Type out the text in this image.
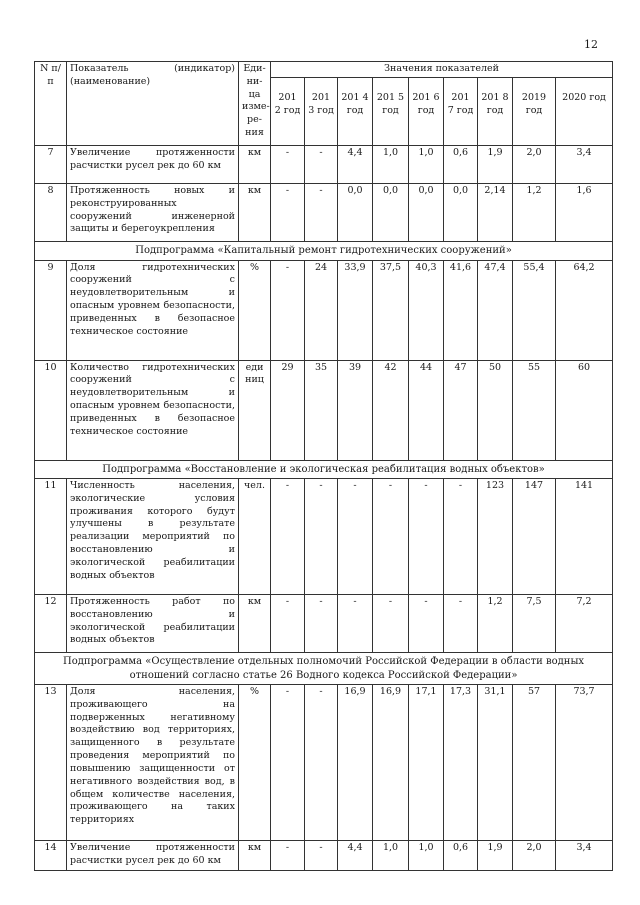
12
N п/п	Показатель (индикатор) (наименование)	Еди- ни- ца изме- ре- ния	Значения показателей								
			201 2 год	201 3 год	201 4 год	201 5 год	201 6 год	201 7 год	201 8 год	2019 год	2020 год
7	Увеличение протяженности расчистки русел рек до 60 км	км	-	-	4,4	1,0	1,0	0,6	1,9	2,0	3,4
8	Протяженность новых и реконструированных сооружений инженерной защиты и берегоукрепления	км	-	-	0,0	0,0	0,0	0,0	2,14	1,2	1,6
Подпрограмма «Капитальный ремонт гидротехнических сооружений»											
9	Доля гидротехнических сооружений с неудовлетворительным и опасным уровнем безопасности, приведенных в безопасное техническое состояние	%	-	24	33,9	37,5	40,3	41,6	47,4	55,4	64,2
10	Количество гидротехнических сооружений с неудовлетворительным и опасным уровнем безопасности, приведенных в безопасное техническое состояние	еди ниц	29	35	39	42	44	47	50	55	60
Подпрограмма «Восстановление и экологическая реабилитация водных объектов»											
11	Численность населения, экологические условия проживания которого будут улучшены в результате реализации мероприятий по восстановлению и экологической реабилитации водных объектов	чел.	-	-	-	-	-	-	123	147	141
12	Протяженность работ по восстановлению и экологической реабилитации водных объектов	км	-	-	-	-	-	-	1,2	7,5	7,2
Подпрограмма «Осуществление отдельных полномочий Российской Федерации в области водных отношений согласно статье 26 Водного кодекса Российской Федерации»											
13	Доля населения, проживающего на подверженных негативному воздействию вод территориях, защищенного в результате проведения мероприятий по повышению защищенности от негативного воздействия вод, в общем количестве населения, проживающего на таких территориях	%	-	-	16,9	16,9	17,1	17,3	31,1	57	73,7
14	Увеличение протяженности расчистки русел рек до 60 км	км	-	-	4,4	1,0	1,0	0,6	1,9	2,0	3,4
